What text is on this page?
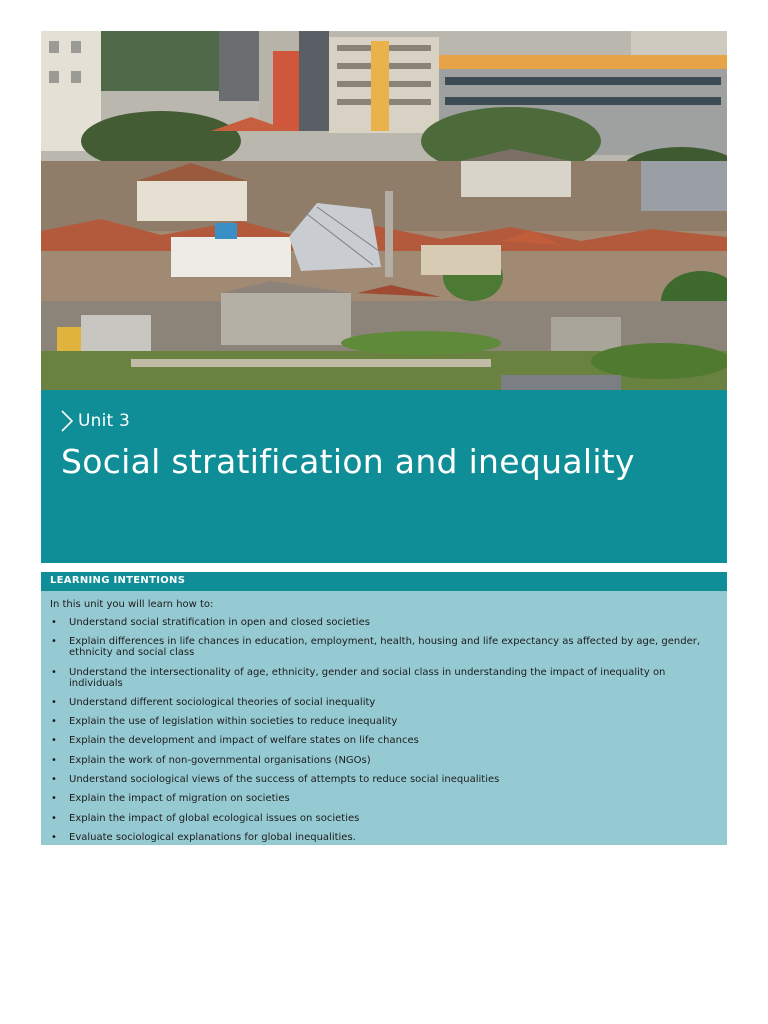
Unit 3
Social stratification and inequality
LEARNING INTENTIONS
In this unit you will learn how to:
• Understand social stratification in open and closed societies
• Explain differences in life chances in education, employment, health, housing and life expectancy as affected by age, gender, ethnicity and social class
• Understand the intersectionality of age, ethnicity, gender and social class in understanding the impact of inequality on individuals
• Understand different sociological theories of social inequality
• Explain the use of legislation within societies to reduce inequality
• Explain the development and impact of welfare states on life chances
• Explain the work of non-governmental organisations (NGOs)
• Understand sociological views of the success of attempts to reduce social inequalities
• Explain the impact of migration on societies
• Explain the impact of global ecological issues on societies
• Evaluate sociological explanations for global inequalities.
